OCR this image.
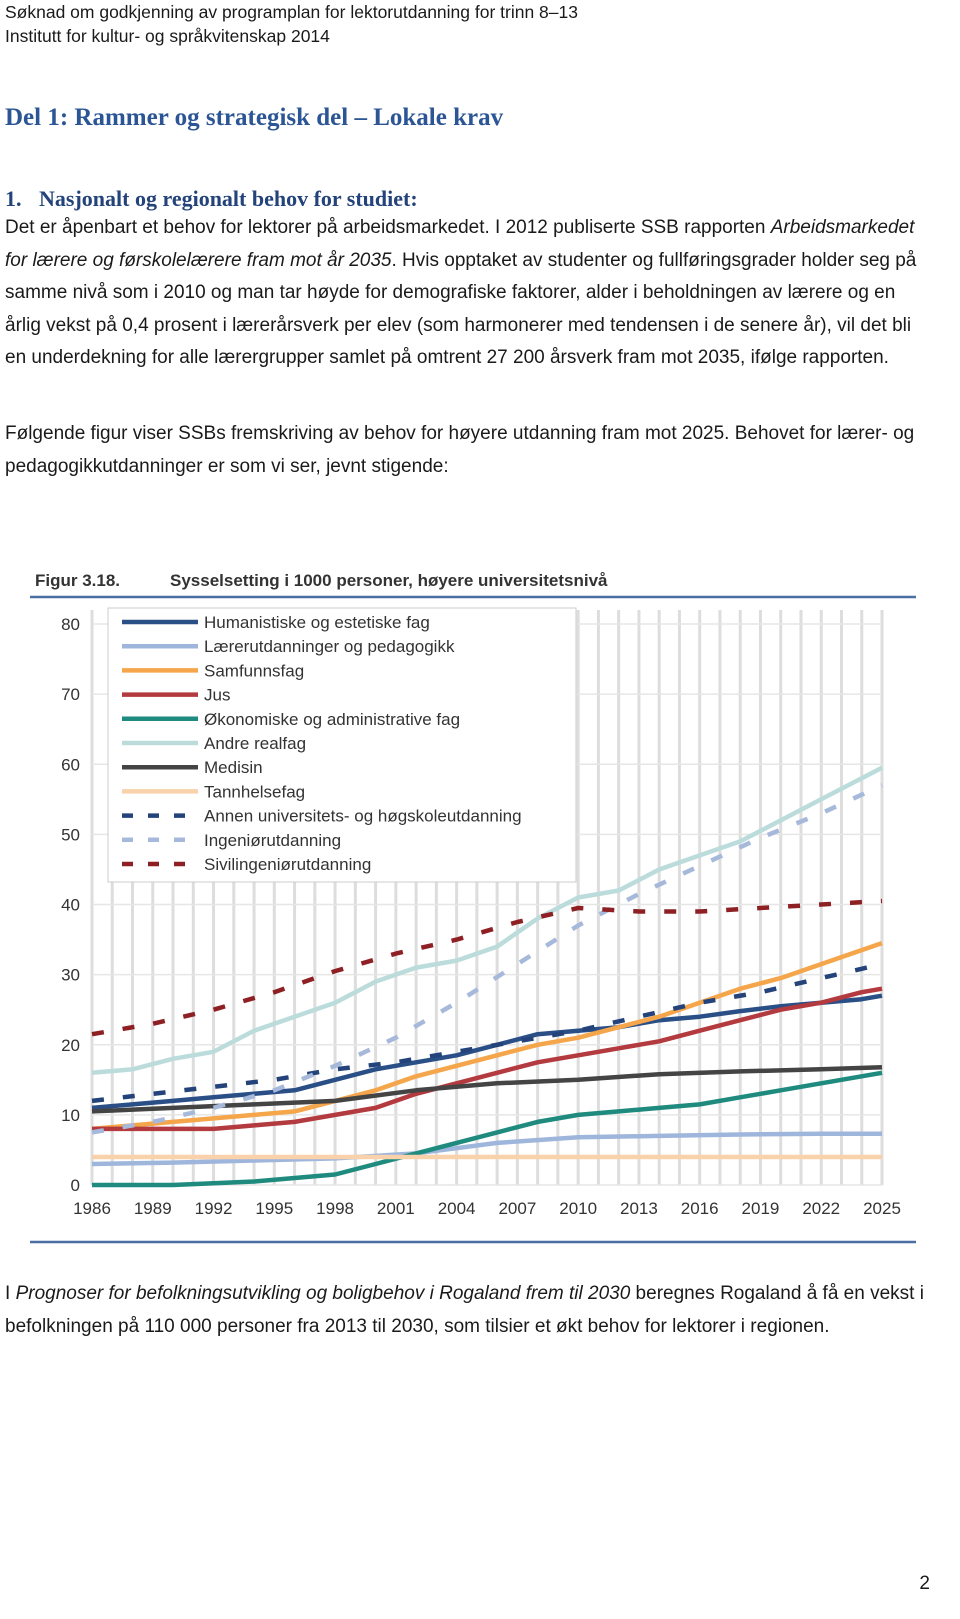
Søknad om godkjenning av programplan for lektorutdanning for trinn 8–13
Institutt for kultur- og språkvitenskap 2014
Del 1: Rammer og strategisk del – Lokale krav
1. Nasjonalt og regionalt behov for studiet:

Det er åpenbart et behov for lektorer på arbeidsmarkedet. I 2012 publiserte SSB rapporten Arbeidsmarkedet for lærere og førskolelærere fram mot år 2035. Hvis opptaket av studenter og fullføringsgrader holder seg på samme nivå som i 2010 og man tar høyde for demografiske faktorer, alder i beholdningen av lærere og en årlig vekst på 0,4 prosent i lærerårsverk per elev (som harmonerer med tendensen i de senere år), vil det bli en underdekning for alle lærergrupper samlet på omtrent 27 200 årsverk fram mot 2035, ifølge rapporten.

Følgende figur viser SSBs fremskriving av behov for høyere utdanning fram mot 2025. Behovet for lærer- og pedagogikkutdanninger er som vi ser, jevnt stigende:

Figur 3.18.	Sysselsetting i 1000 personer, høyere universitetsnivå
0
10
20
30
40
50
60
70
80
1986 1989 1992 1995 1998 2001 2004 2007 2010 2013 2016 2019 2022 2025
Humanistiske og estetiske fag
Lærerutdanninger og pedagogikk
Samfunnsfag
Jus
Økonomiske og administrative fag
Andre realfag
Medisin
Tannhelsefag
Annen universitets- og høgskoleutdanning
Ingeniørutdanning
Sivilingeniørutdanning

I Prognoser for befolkningsutvikling og boligbehov i Rogaland frem til 2030 beregnes Rogaland å få en vekst i befolkningen på 110 000 personer fra 2013 til 2030, som tilsier et økt behov for lektorer i regionen.

2
